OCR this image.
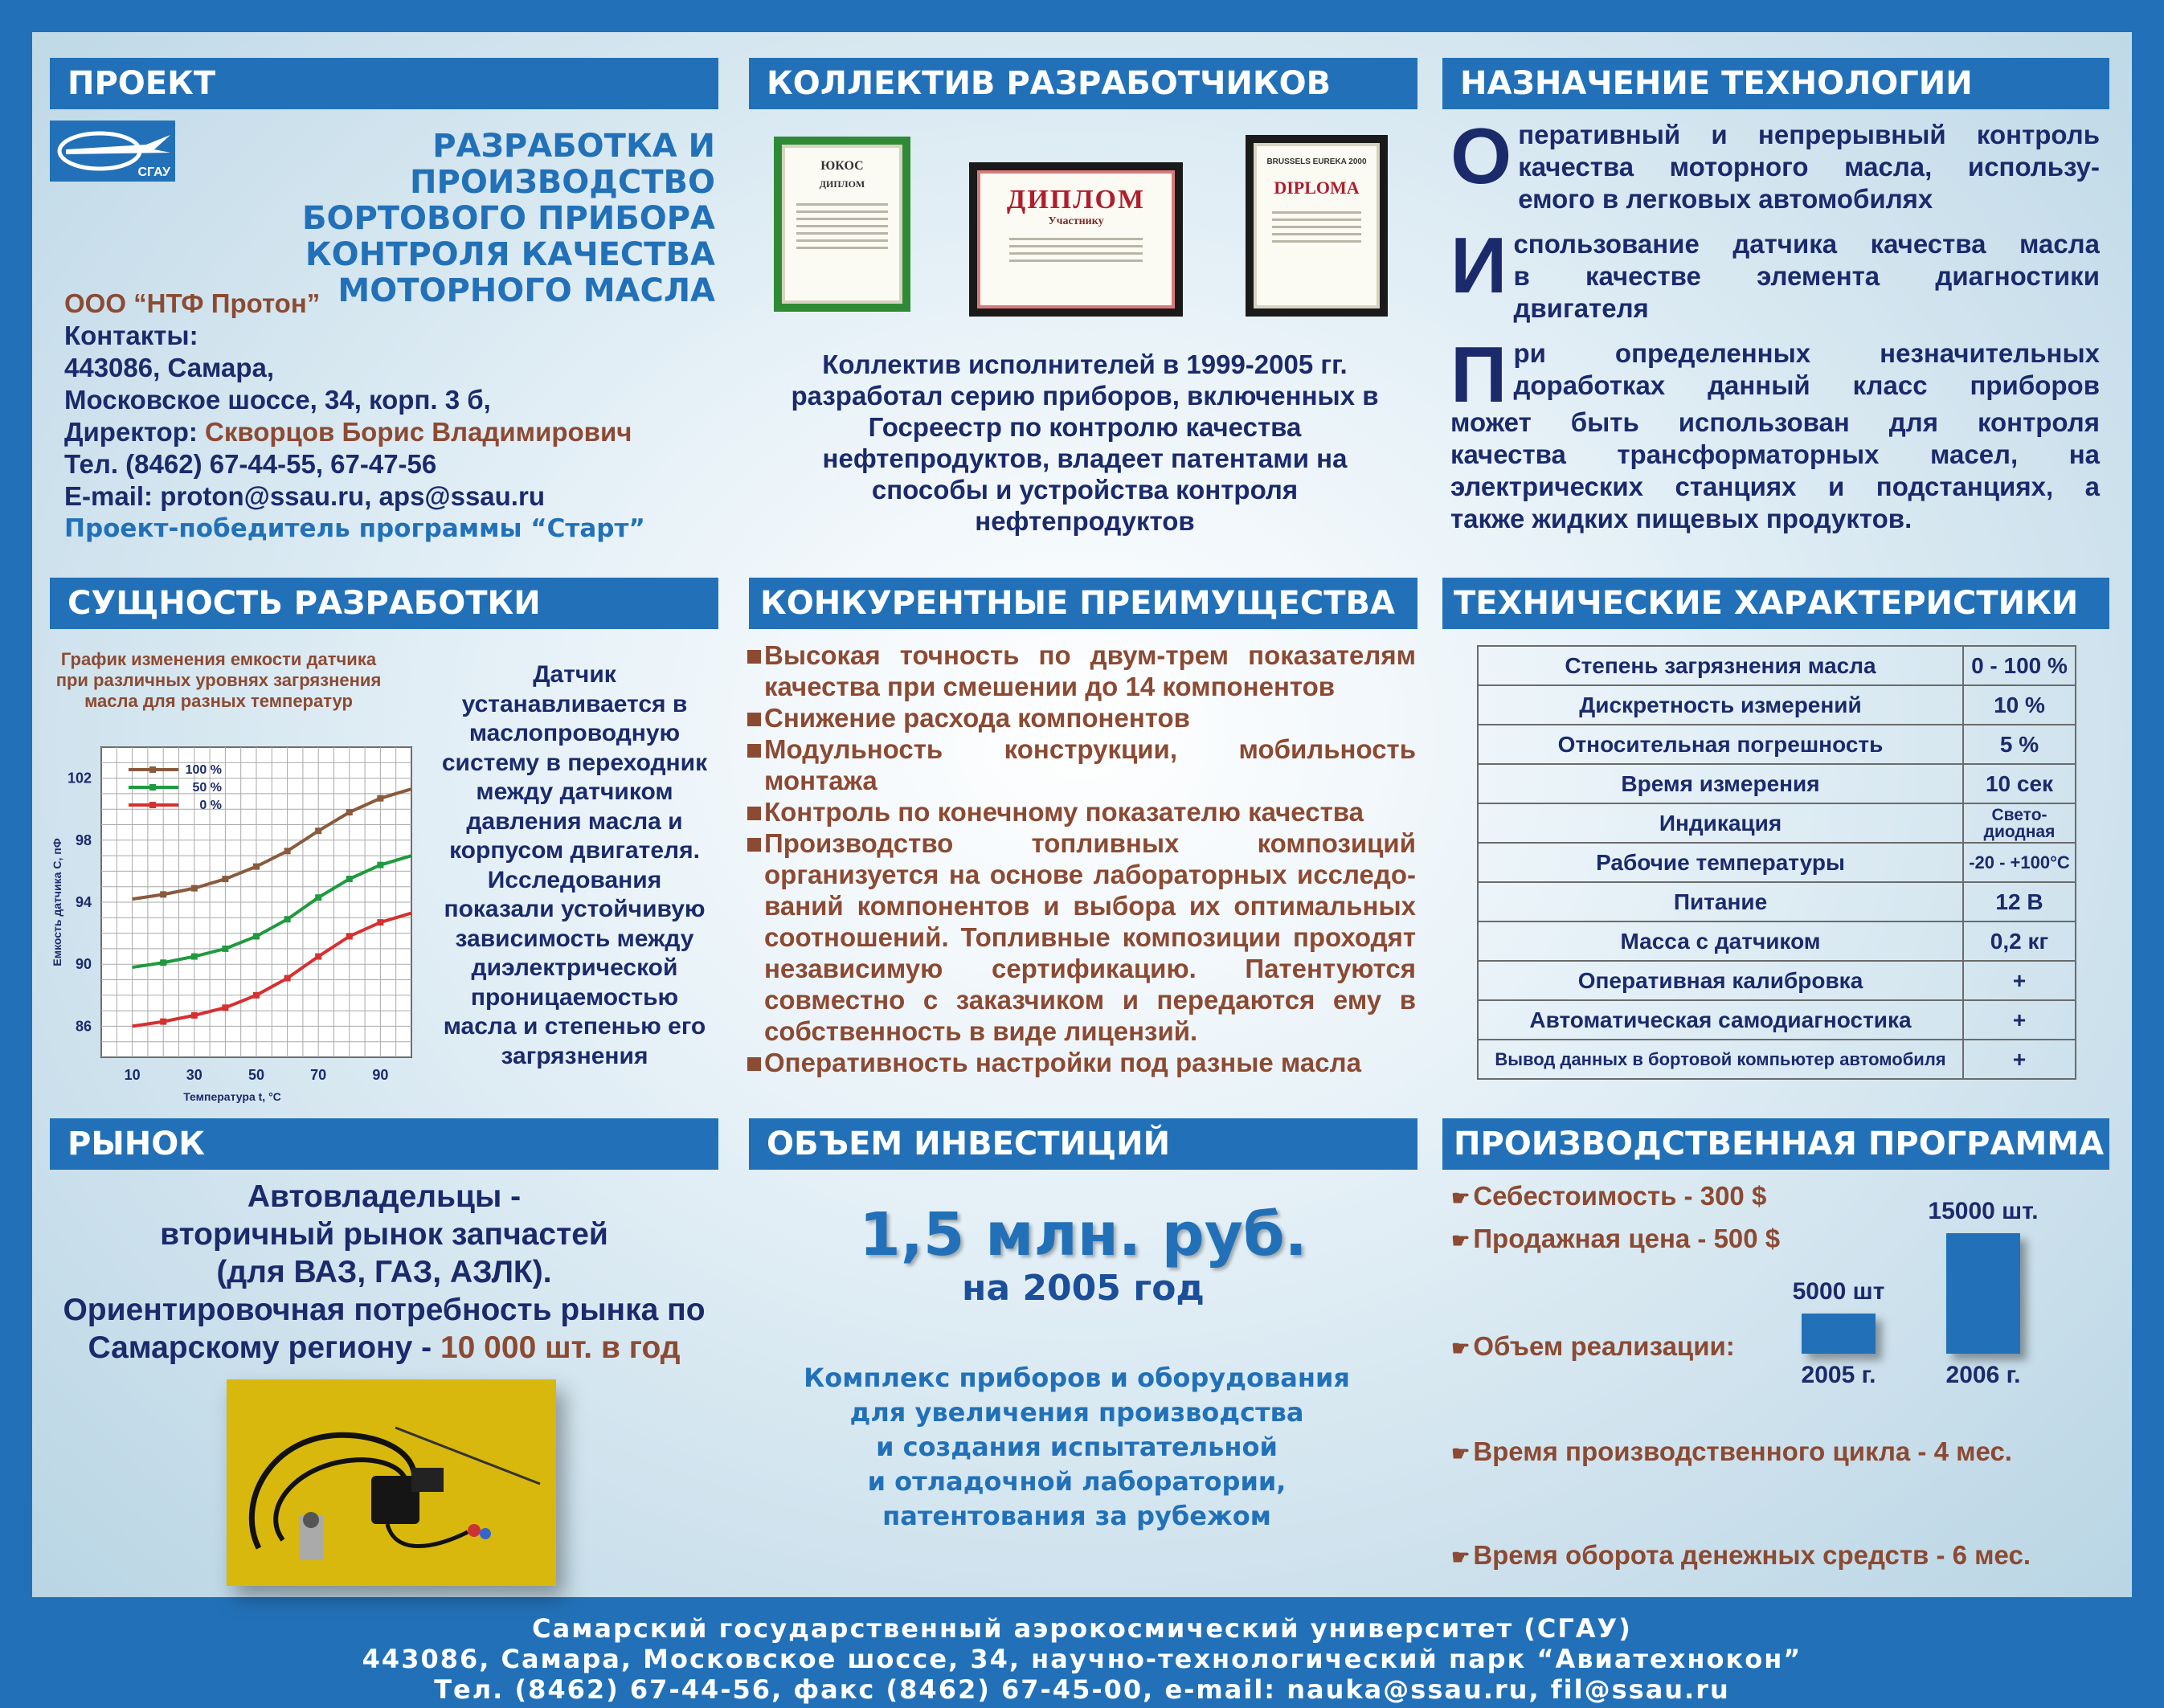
ПРОЕКТ	КОЛЛЕКТИВ РАЗРАБОТЧИКОВ	НАЗНАЧЕНИЕ ТЕХНОЛОГИИ
СУЩНОСТЬ РАЗРАБОТКИ	КОНКУРЕНТНЫЕ ПРЕИМУЩЕСТВА	ТЕХНИЧЕСКИЕ ХАРАКТЕРИСТИКИ
РЫНОК	ОБЪЕМ ИНВЕСТИЦИЙ	ПРОИЗВОДСТВЕННАЯ ПРОГРАММА
СГАУ
РАЗРАБОТКА И ПРОИЗВОДСТВО
БОРТОВОГО ПРИБОРА
КОНТРОЛЯ КАЧЕСТВА
МОТОРНОГО МАСЛА
ООО “НТФ Протон”
Контакты:
443086, Самара,
Московское шоссе, 34, корп. 3 б,
Директор: Скворцов Борис Владимирович
Тел. (8462) 67-44-55, 67-47-56
E-mail: proton@ssau.ru, aps@ssau.ru
Проект-победитель программы “Старт”
ЮКОС
ДИПЛОМ
ДИПЛОМ
Участнику
BRUSSELS EUREKA 2000
DIPLOMA
Коллектив исполнителей в 1999-2005 гг.
разработал серию приборов, включенных в
Госреестр по контролю качества
нефтепродуктов, владеет патентами на
способы и устройства контроля
нефтепродуктов
О перативный и непрерывный контроль
качества моторного масла, использу-
емого в легковых автомобилях
И спользование датчика качества масла
в качестве элемента диагностики
двигателя
П ри определенных незначительных
доработках данный класс приборов
может быть использован для контроля
качества трансформаторных масел, на
электрических станциях и подстанциях, а
также жидких пищевых продуктов.
График изменения емкости датчика
при различных уровнях загрязнения
масла для разных температур
10	30	50	70	90
86
90
94
98
102
Температура t, °С
Емкость датчика С, пФ
100 %
50 %
0 %
Датчик
устанавливается в
маслопроводную
систему в переходник
между датчиком
давления масла и
корпусом двигателя.
Исследования
показали устойчивую
зависимость между
диэлектрической
проницаемостью
масла и степенью его
загрязнения
Высокая точность по двум-трем показателям
качества при смешении до 14 компонентов
Снижение расхода компонентов
Модульность конструкции, мобильность
монтажа
Контроль по конечному показателю качества
Производство топливных композиций
организуется на основе лабораторных исследо-
ваний компонентов и выбора их оптимальных
соотношений. Топливные композиции проходят
независимую сертификацию. Патентуются
совместно с заказчиком и передаются ему в
собственность в виде лицензий.
Оперативность настройки под разные масла
Степень загрязнения масла	0 - 100 %
Дискретность измерений	10 %
Относительная погрешность	5 %
Время измерения	10 сек
Индикация	Свето-диодная
Рабочие температуры	-20 - +100°С
Питание	12 В
Масса с датчиком	0,2 кг
Оперативная калибровка	+
Автоматическая самодиагностика	+
Вывод данных в бортовой компьютер автомобиля	+
Автовладельцы -
вторичный рынок запчастей
(для ВАЗ, ГАЗ, АЗЛК).
Ориентировочная потребность рынка по
Самарскому региону - 10 000 шт. в год
1,5 млн. руб.
на 2005 год
Комплекс приборов и оборудования
для увеличения производства
и создания испытательной
и отладочной лаборатории,
патентования за рубежом
☛ Себестоимость - 300 $
☛ Продажная цена - 500 $
☛ Объем реализации:
☛ Время производственного цикла - 4 мес.
☛ Время оборота денежных средств - 6 мес.
5000 шт
2005 г.
15000 шт.
2006 г.
Самарский государственный аэрокосмический университет (СГАУ)
443086, Самара, Московское шоссе, 34, научно-технологический парк “Авиатехнокон”
Тел. (8462) 67-44-56, факс (8462) 67-45-00, e-mail: nauka@ssau.ru, fil@ssau.ru
